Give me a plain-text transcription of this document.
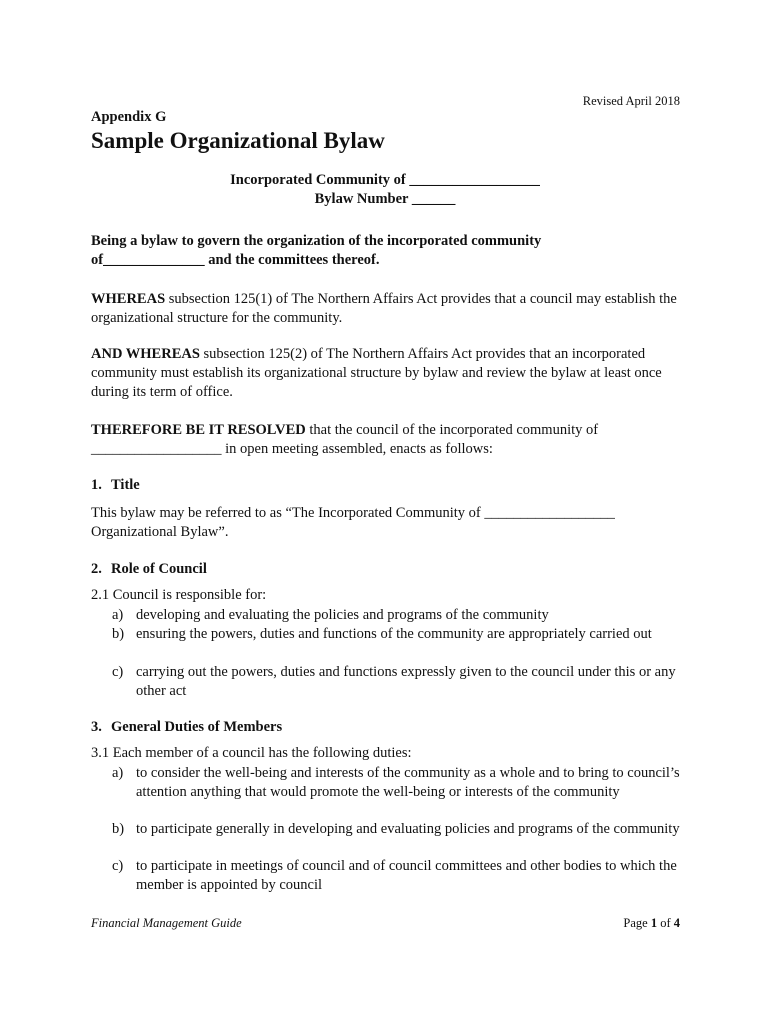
Revised April 2018
Appendix G
Sample Organizational Bylaw
Incorporated Community of __________________
Bylaw Number ______
Being a bylaw to govern the organization of the incorporated community
of______________ and the committees thereof.
WHEREAS subsection 125(1) of The Northern Affairs Act provides that a council may establish the organizational structure for the community.
AND WHEREAS subsection 125(2) of The Northern Affairs Act provides that an incorporated community must establish its organizational structure by bylaw and review the bylaw at least once during its term of office.
THEREFORE BE IT RESOLVED that the council of the incorporated community of __________________ in open meeting assembled, enacts as follows:
1. Title
This bylaw may be referred to as “The Incorporated Community of __________________ Organizational Bylaw”.
2. Role of Council
2.1 Council is responsible for:
a) developing and evaluating the policies and programs of the community
b) ensuring the powers, duties and functions of the community are appropriately carried out
c) carrying out the powers, duties and functions expressly given to the council under this or any other act
3. General Duties of Members
3.1 Each member of a council has the following duties:
a) to consider the well-being and interests of the community as a whole and to bring to council’s attention anything that would promote the well-being or interests of the community
b) to participate generally in developing and evaluating policies and programs of the community
c) to participate in meetings of council and of council committees and other bodies to which the member is appointed by council
Financial Management Guide	Page 1 of 4
